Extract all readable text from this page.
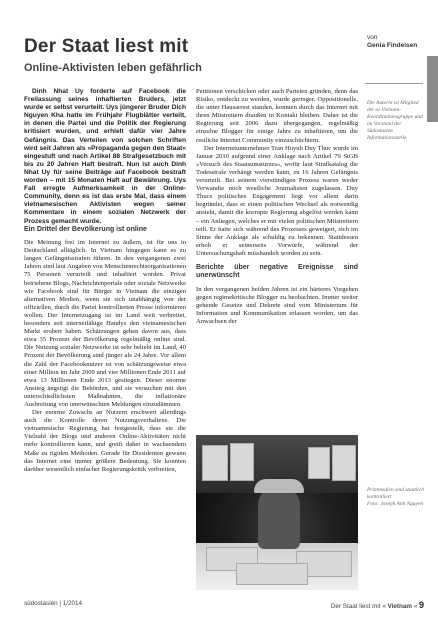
Der Staat liest mit
Online-Aktivisten leben gefährlich
von
Genia Findeisen
Die Autorin ist Mitglied der ai-Vietnam-Koordinationsgruppe und im Vorstand der Südostasien Informationsstelle.

Dinh Nhat Uy forderte auf Facebook die Freilassung seines inhaftierten Bruders, jetzt wurde er selbst verurteilt. Uys jüngerer Bruder Dich Nguyen Kha hatte im Frühjahr Flugblätter verteilt, in denen die Partei und die Politik der Regierung kritisiert wurden, und erhielt dafür vier Jahre Gefängnis. Das Verteilen von solchen Schriften wird seit Jahren als »Propaganda gegen den Staat« eingestuft und nach Artikel 88 Strafgesetzbuch mit bis zu 20 Jahren Haft bestraft. Nun ist auch Dinh Nhat Uy für seine Beiträge auf Facebook bestraft worden – mit 15 Monaten Haft auf Bewährung. Uys Fall erregte Aufmerksamkeit in der Online-Community, denn es ist das erste Mal, dass einem vietnamesischen Aktivisten wegen seiner Kommentare in einem sozialen Netzwerk der Prozess gemacht wurde.

Ein Drittel der Bevölkerung ist online

Die Meinung frei im Internet zu äußern, ist für uns in Deutschland alltäglich. In Vietnam hingegen kann es zu langen Gefängnisstrafen führen. In den vergangenen zwei Jahren sind laut Angaben von Menschenrechtsorganisationen 75 Personen verurteilt und inhaftiert worden. Privat betriebene Blogs, Nachrichtenportale oder soziale Netzwerke wie Facebook sind für Bürger in Vietnam die einzigen alternativen Medien, wenn sie sich unabhängig von der offiziellen, durch die Partei kontrollierten Presse informieren wollen. Der Internetzugang ist im Land weit verbreitet, besonders seit internetfähige Handys den vietnamesischen Markt erobert haben. Schätzungen gehen davon aus, dass etwa 35 Prozent der Bevölkerung regelmäßig online sind. Die Nutzung sozialer Netzwerke ist sehr beliebt im Land, 40 Prozent der Bevölkerung sind jünger als 24 Jahre. Vor allem die Zahl der Facebooknutzer ist von schätzungsweise etwa einer Million im Jahr 2009 und vier Millionen Ende 2011 auf etwa 13 Millionen Ende 2013 gestiegen. Dieser enorme Anstieg ängstigt die Behörden, und sie versuchen mit den unterschiedlichsten Maßnahmen, die inflationäre Ausbreitung von unerwünschten Meldungen einzudämmen.

Der enorme Zuwachs an Nutzern erschwert allerdings auch die Kontrolle deren Nutzungsverhaltens. Die vietnamesische Regierung hat festgestellt, dass sie die Vielzahl der Blogs und anderen Online-Aktivitäten nicht mehr kontrollieren kann, und greift daher in wachsendem Maße zu rigiden Methoden. Gerade für Dissidenten gewann das Internet eine immer größere Bedeutung. Sie konnten darüber wesentlich einfacher Regierungskritik verbreiten,

Petitionen verschicken oder auch Parteien gründen, denn das Risiko, entdeckt zu werden, wurde geringer. Oppositionelle, die unter Hausarrest standen, konnten durch das Internet mit ihren Mitstreitern draußen in Kontakt bleiben. Daher ist die Regierung seit 2006 dazu übergegangen, regelmäßig einzelne Blogger für einige Jahre zu inhaftieren, um die restliche Internet Community einzuschüchtern.

Der Internetunternehmer Tran Huynh Duy Thuc wurde im Januar 2010 aufgrund einer Anklage nach Artikel 79 StGB »Versuch des Staatsumsturzes«, wofür laut Strafkatalog die Todesstrafe verhängt werden kann, zu 16 Jahren Gefängnis verurteilt. Bei seinem vierstündigen Prozess waren weder Verwandte noch westliche Journalisten zugelassen. Duy Thucs politisches Engagement liegt vor allem darin begründet, dass er einen politischen Wechsel als notwendig ansieht, damit die korrupte Regierung abgelöst werden kann – ein Anliegen, welches er mit vielen politischen Mitstreitern teilt. Er hatte sich während des Prozesses geweigert, sich im Sinne der Anklage als schuldig zu bekennen. Stattdessen erhob er seinerseits Vorwürfe, während der Untersuchungshaft misshandelt worden zu sein.

Berichte über negative Ereignisse sind unerwünscht

In den vergangenen beiden Jahren ist ein härteres Vorgehen gegen regimekritische Blogger zu beobachten. Immer weiter gehende Gesetze und Dekrete sind vom Ministerium für Information und Kommunikation erlassen worden, um das Anwachsen der

Printmedien sind staatlich kontrolliert
Foto: Joseph Anh Nguyen
südostasien | 1/2014	Der Staat liest mit « Vietnam « 9
